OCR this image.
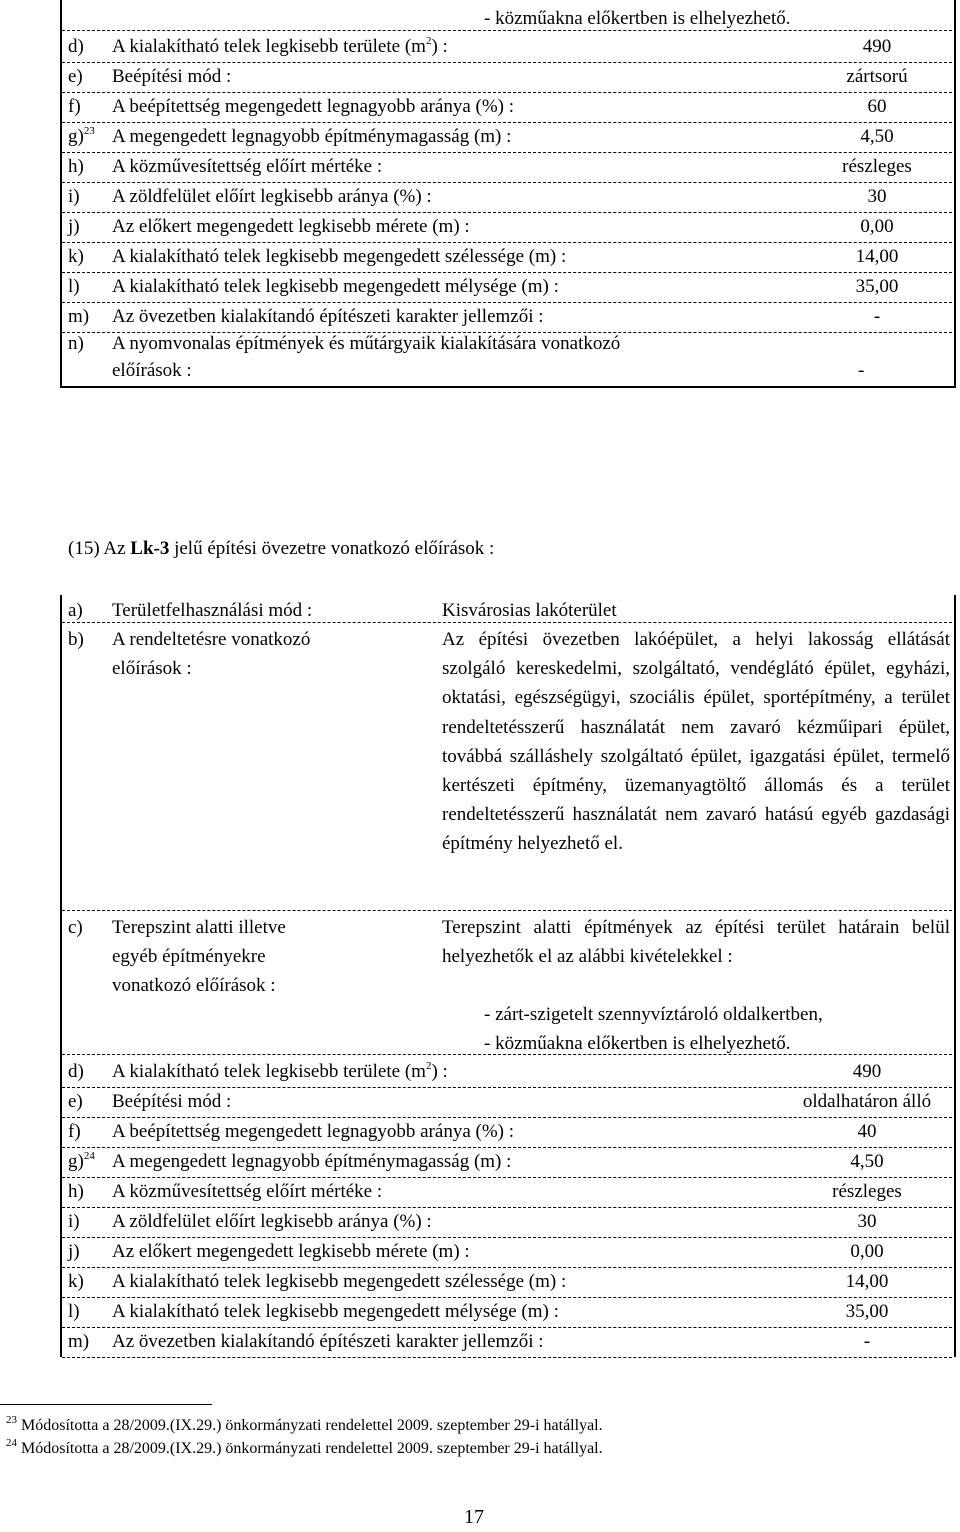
- közműakna előkertben is elhelyezhető.
d) A kialakítható telek legkisebb területe $(m^2)$ :	490
e) Beépítési mód :	zártsorú
f) A beépítettség megengedett legnagyobb aránya (%) :	60
g)$^{23}$ A megengedett legnagyobb építménymagasság (m) :	4,50
h) A közművesítettség előírt mértéke :	részleges
i) A zöldfelület előírt legkisebb aránya (%) :	30
j) Az előkert megengedett legkisebb mérete (m) :	0,00
k) A kialakítható telek legkisebb megengedett szélessége (m) :	14,00
l) A kialakítható telek legkisebb megengedett mélysége (m) :	35,00
m) Az övezetben kialakítandó építészeti karakter jellemzői :	-
n) A nyomvonalas építmények és műtárgyaik kialakítására vonatkozó
előírások :	-
(15) Az Lk-3 jelű építési övezetre vonatkozó előírások :
a) Területfelhasználási mód :	Kisvárosias lakóterület
b) A rendeltetésre vonatkozó
előírások :

Az építési övezetben lakóépület, a helyi lakosság ellátását szolgáló kereskedelmi, szolgáltató, vendéglátó épület, egyházi, oktatási, egészségügyi, szociális épület, sportépítmény, a terület rendeltetésszerű használatát nem zavaró kézműipari épület, továbbá szálláshely szolgáltató épület, igazgatási épület, termelő kertészeti építmény, üzemanyagtöltő állomás és a terület rendeltetésszerű használatát nem zavaró hatású egyéb gazdasági építmény helyezhető el.

c) Terepszint alatti illetve
egyéb építményekre
vonatkozó előírások :

Terepszint alatti építmények az építési terület határain belül helyezhetők el az alábbi kivételekkel :

- zárt-szigetelt szennyvíztároló oldalkertben,
- közműakna előkertben is elhelyezhető.
d) A kialakítható telek legkisebb területe $(m^2)$ :	490
e) Beépítési mód :	oldalhatáron álló
f) A beépítettség megengedett legnagyobb aránya (%) :	40
g)$^{24}$ A megengedett legnagyobb építménymagasság (m) :	4,50
h) A közművesítettség előírt mértéke :	részleges
i) A zöldfelület előírt legkisebb aránya (%) :	30
j) Az előkert megengedett legkisebb mérete (m) :	0,00
k) A kialakítható telek legkisebb megengedett szélessége (m) :	14,00
l) A kialakítható telek legkisebb megengedett mélysége (m) :	35,00
m) Az övezetben kialakítandó építészeti karakter jellemzői :	-
$^{23}$ Módosította a 28/2009.(IX.29.) önkormányzati rendelettel 2009. szeptember 29-i hatállyal.
$^{24}$ Módosította a 28/2009.(IX.29.) önkormányzati rendelettel 2009. szeptember 29-i hatállyal.
17
